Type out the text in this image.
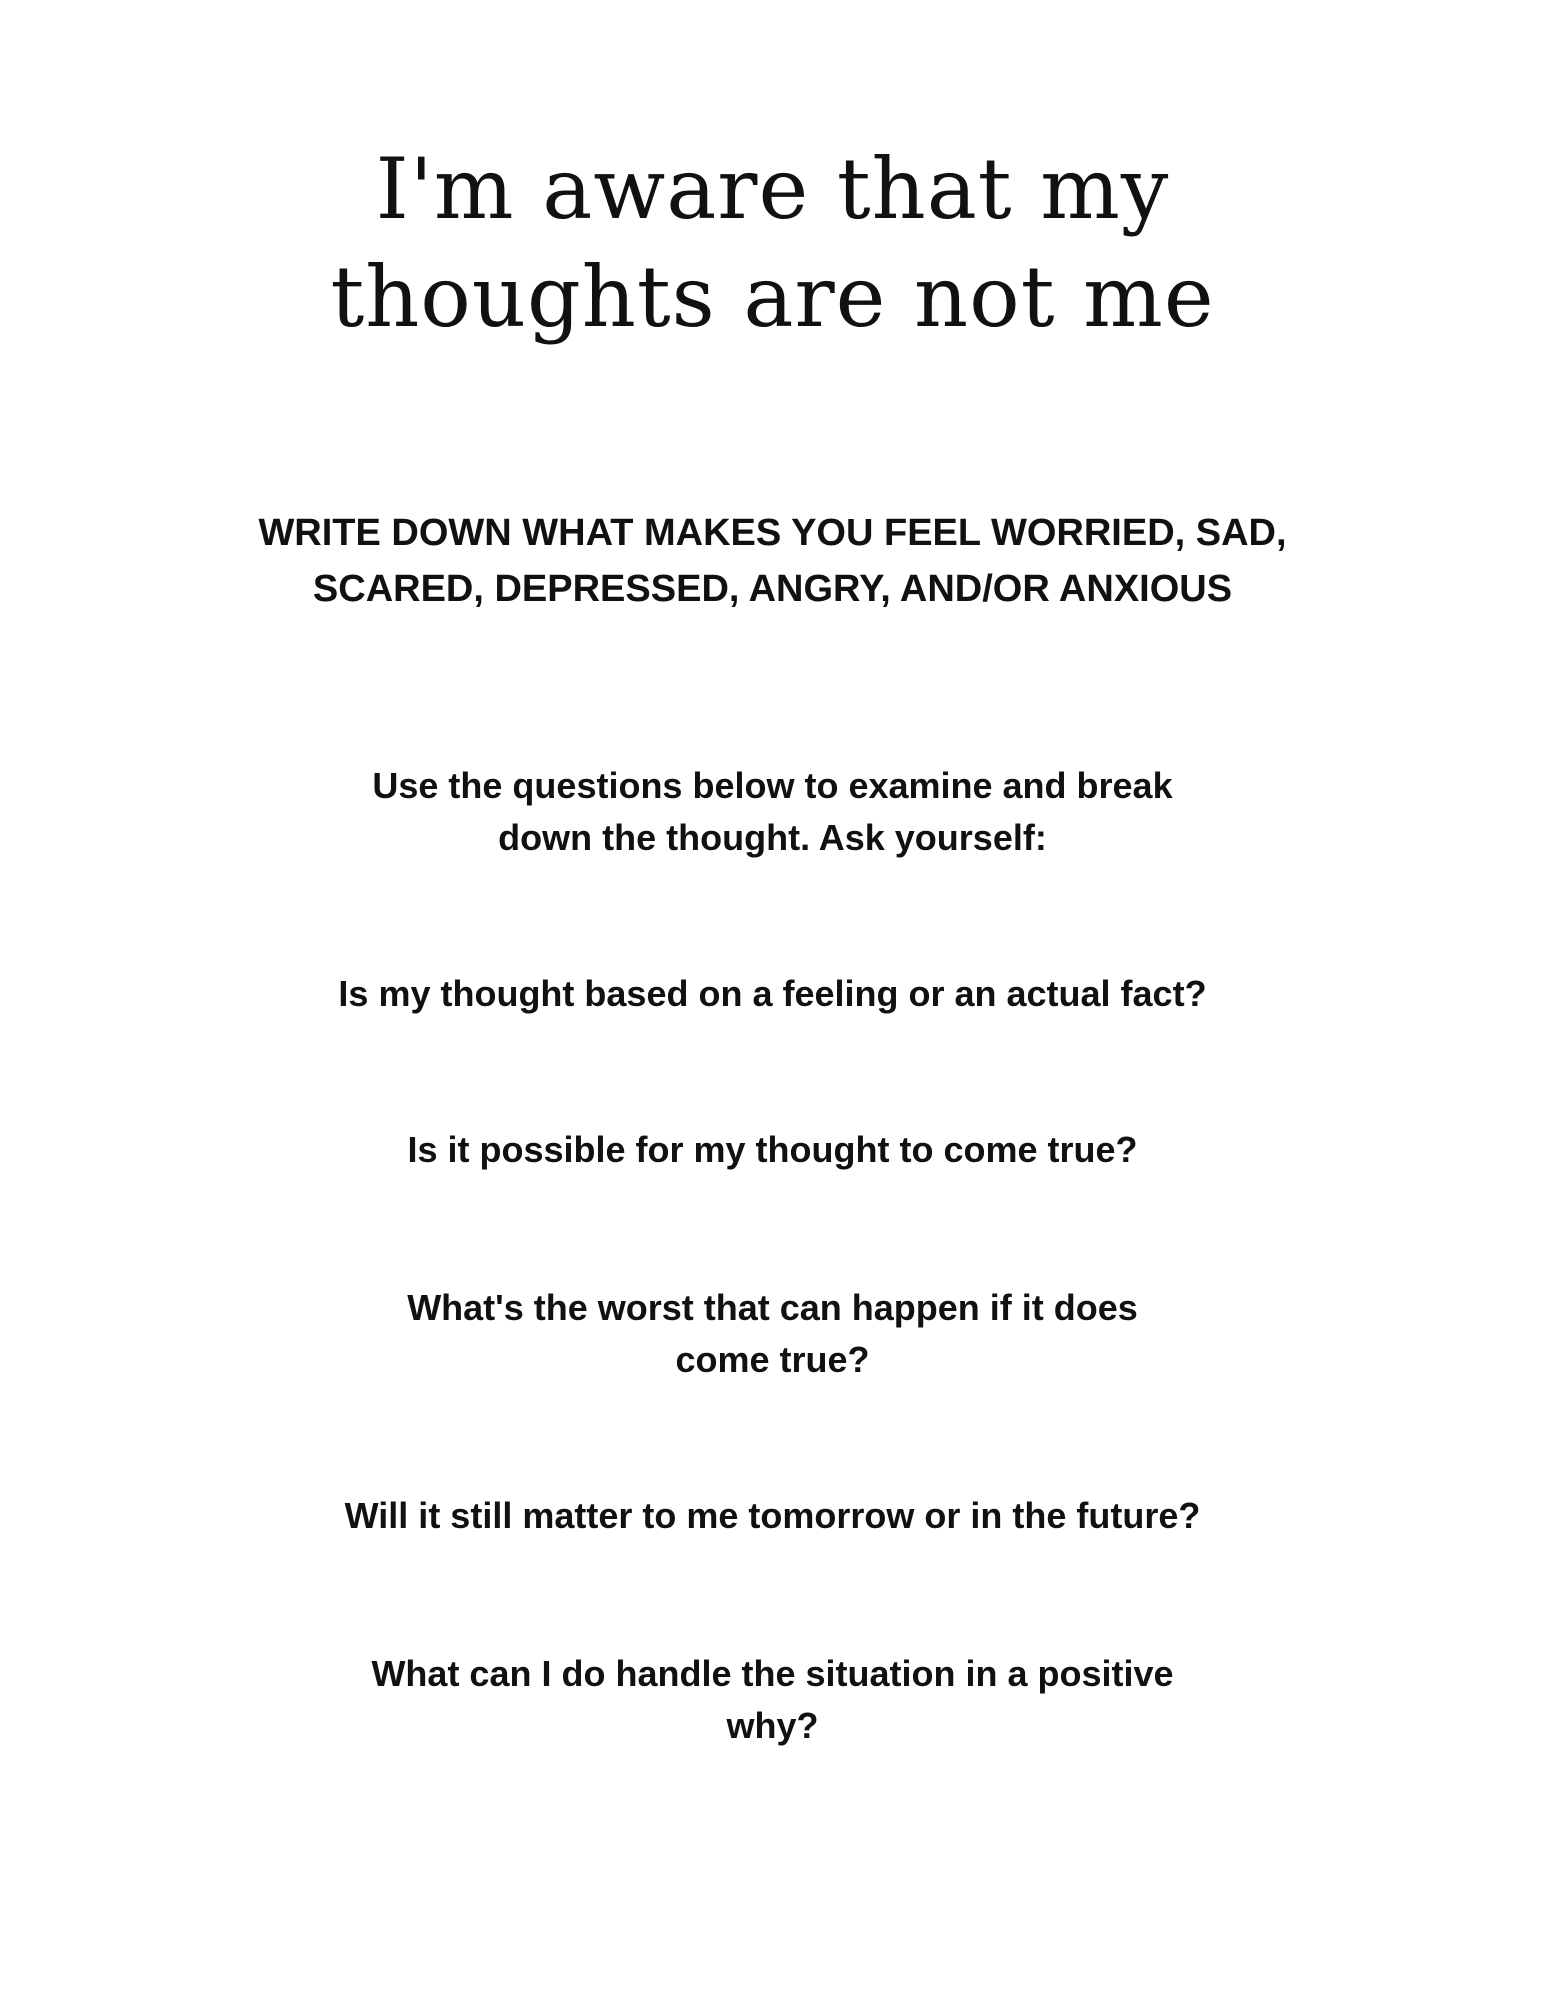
I'm aware that my
thoughts are not me

WRITE DOWN WHAT MAKES YOU FEEL WORRIED, SAD,
SCARED, DEPRESSED, ANGRY, AND/OR ANXIOUS

Use the questions below to examine and break
down the thought. Ask yourself:

Is my thought based on a feeling or an actual fact?

Is it possible for my thought to come true?

What's the worst that can happen if it does
come true?

Will it still matter to me tomorrow or in the future?

What can I do handle the situation in a positive
why?
